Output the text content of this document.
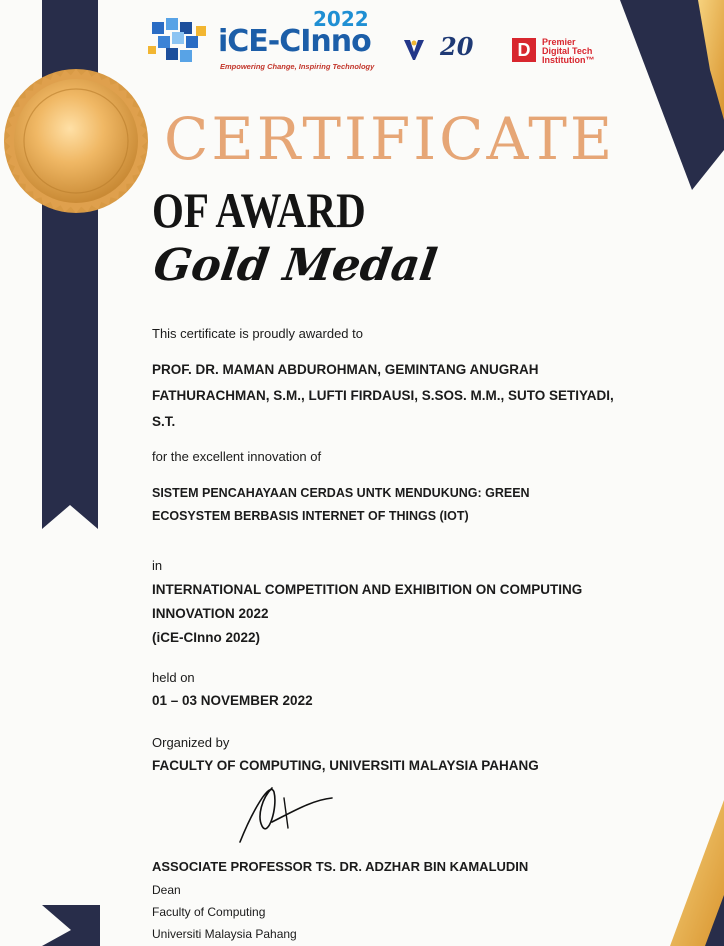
2022
iCE-CInno
Empowering Change, Inspiring Technology
20	D	Premier
Digital Tech
Institution™
CERTIFICATE
OF AWARD
Gold Medal
This certificate is proudly awarded to
PROF. DR. MAMAN ABDUROHMAN, GEMINTANG ANUGRAH
FATHURACHMAN, S.M., LUFTI FIRDAUSI, S.SOS. M.M., SUTO SETIYADI,
S.T.
for the excellent innovation of
SISTEM PENCAHAYAAN CERDAS UNTK MENDUKUNG: GREEN
ECOSYSTEM BERBASIS INTERNET OF THINGS (IOT)
in
INTERNATIONAL COMPETITION AND EXHIBITION ON COMPUTING
INNOVATION 2022
(iCE-CInno 2022)
held on
01 – 03 NOVEMBER 2022
Organized by
FACULTY OF COMPUTING, UNIVERSITI MALAYSIA PAHANG
ASSOCIATE PROFESSOR TS. DR. ADZHAR BIN KAMALUDIN
Dean
Faculty of Computing
Universiti Malaysia Pahang
